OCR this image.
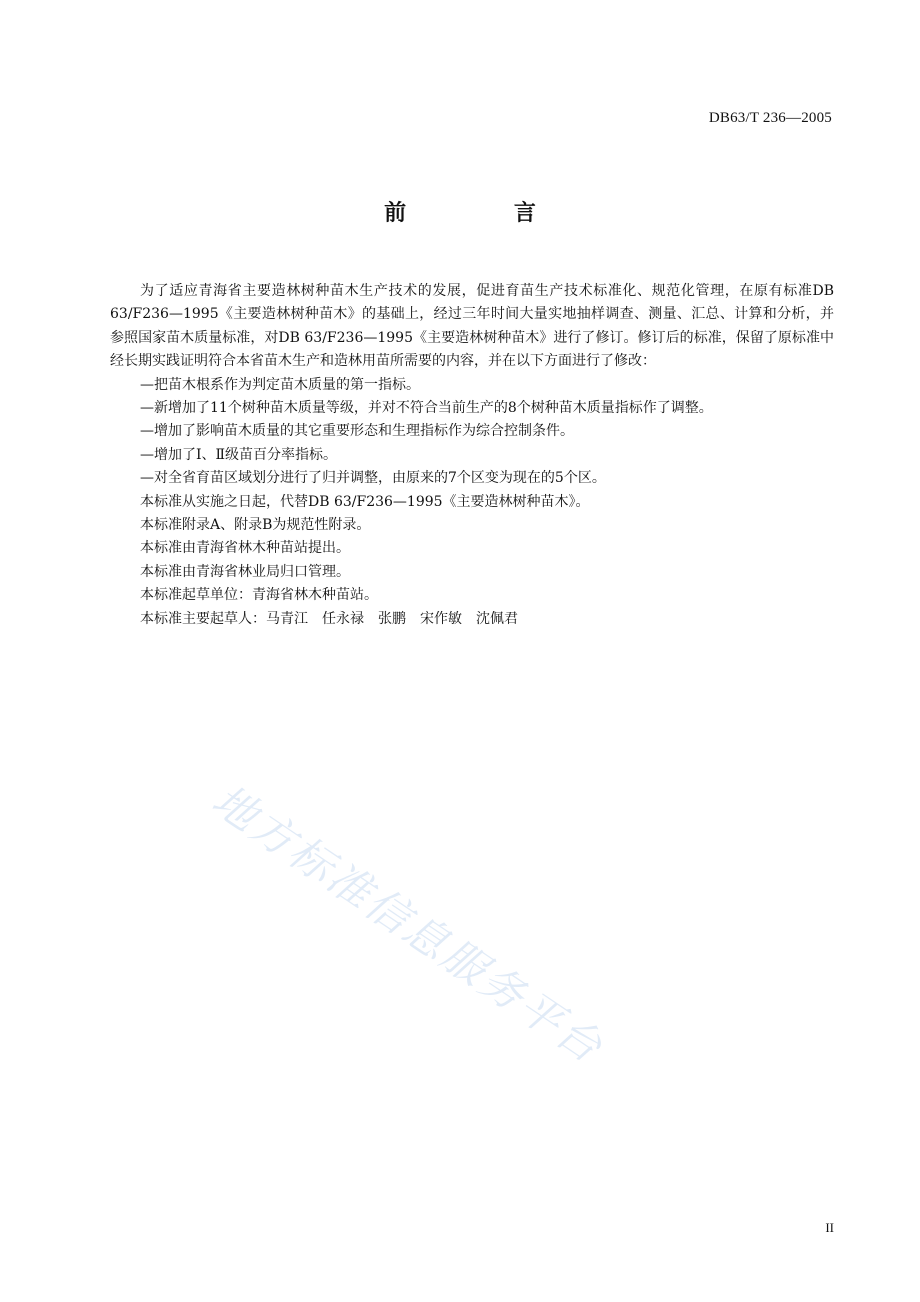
DB63/T 236—2005
前 言

为了适应青海省主要造林树种苗木生产技术的发展，促进育苗生产技术标准化、规范化管理，在原有标准DB 63/F236—1995《主要造林树种苗木》的基础上，经过三年时间大量实地抽样调查、测量、汇总、计算和分析，并参照国家苗木质量标准，对DB 63/F236—1995《主要造林树种苗木》进行了修订。修订后的标准，保留了原标准中经长期实践证明符合本省苗木生产和造林用苗所需要的内容，并在以下方面进行了修改：

—把苗木根系作为判定苗木质量的第一指标。

—新增加了11个树种苗木质量等级，并对不符合当前生产的8个树种苗木质量指标作了调整。

—增加了影响苗木质量的其它重要形态和生理指标作为综合控制条件。

—增加了Ⅰ、Ⅱ级苗百分率指标。

—对全省育苗区域划分进行了归并调整，由原来的7个区变为现在的5个区。

本标准从实施之日起，代替DB 63/F236—1995《主要造林树种苗木》。

本标准附录A、附录B为规范性附录。

本标准由青海省林木种苗站提出。

本标准由青海省林业局归口管理。

本标准起草单位：青海省林木种苗站。

本标准主要起草人：马青江　任永禄　张鹏　宋作敏　沈佩君

地方标准信息服务平台
II
